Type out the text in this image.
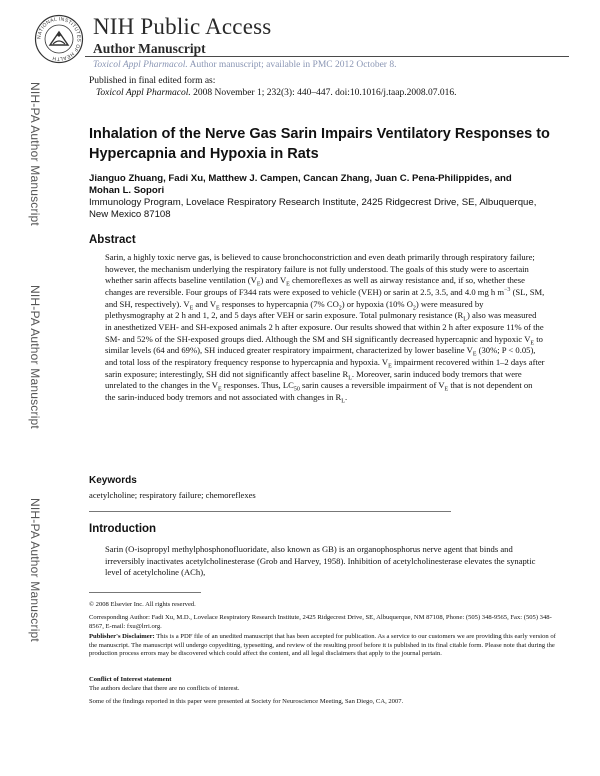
NATIONAL INSTITUTES OF HEALTH
NIH Public Access
Author Manuscript
Toxicol Appl Pharmacol. Author manuscript; available in PMC 2012 October 8.
Published in final edited form as:
Toxicol Appl Pharmacol. 2008 November 1; 232(3): 440–447. doi:10.1016/j.taap.2008.07.016.
NIH-PA Author Manuscript
NIH-PA Author Manuscript
NIH-PA Author Manuscript
Inhalation of the Nerve Gas Sarin Impairs Ventilatory Responses to Hypercapnia and Hypoxia in Rats
Jianguo Zhuang, Fadi Xu, Matthew J. Campen, Cancan Zhang, Juan C. Pena-Philippides, and Mohan L. Sopori
Immunology Program, Lovelace Respiratory Research Institute, 2425 Ridgecrest Drive, SE, Albuquerque, New Mexico 87108
Abstract
Sarin, a highly toxic nerve gas, is believed to cause bronchoconstriction and even death primarily through respiratory failure; however, the mechanism underlying the respiratory failure is not fully understood. The goals of this study were to ascertain whether sarin affects baseline ventilation $(V_E)$ and $V_E$ chemoreflexes as well as airway resistance and, if so, whether these changes are reversible. Four groups of F344 rats were exposed to vehicle (VEH) or sarin at 2.5, 3.5, and 4.0 mg h $m^{-3}$ (SL, SM, and SH, respectively). $V_E$ and $V_E$ responses to hypercapnia (7% $CO_2$) or hypoxia (10% $O_2$) were measured by plethysmography at 2 h and 1, 2, and 5 days after VEH or sarin exposure. Total pulmonary resistance $(R_L)$ also was measured in anesthetized VEH- and SH-exposed animals 2 h after exposure. Our results showed that within 2 h after exposure 11% of the SM- and 52% of the SH-exposed groups died. Although the SM and SH significantly decreased hypercapnic and hypoxic $V_E$ to similar levels (64 and 69%), SH induced greater respiratory impairment, characterized by lower baseline $V_E$ (30%; P < 0.05), and total loss of the respiratory frequency response to hypercapnia and hypoxia. $V_E$ impairment recovered within 1–2 days after sarin exposure; interestingly, SH did not significantly affect baseline $R_L$. Moreover, sarin induced body tremors that were unrelated to the changes in the $V_E$ responses. Thus, $LC_{50}$ sarin causes a reversible impairment of $V_E$ that is not dependent on the sarin-induced body tremors and not associated with changes in $R_L$.
Keywords
acetylcholine; respiratory failure; chemoreflexes
Introduction
Sarin (O-isopropyl methylphosphonofluoridate, also known as GB) is an organophosphorus nerve agent that binds and irreversibly inactivates acetylcholinesterase (Grob and Harvey, 1958). Inhibition of acetylcholinesterase elevates the synaptic level of acetylcholine (ACh),
© 2008 Elsevier Inc. All rights reserved.
Corresponding Author: Fadi Xu, M.D., Lovelace Respiratory Research Institute, 2425 Ridgecrest Drive, SE, Albuquerque, NM 87108, Phone: (505) 348-9565, Fax: (505) 348-8567, E-mail: fxu@lrri.org.
Publisher's Disclaimer: This is a PDF file of an unedited manuscript that has been accepted for publication. As a service to our customers we are providing this early version of the manuscript. The manuscript will undergo copyediting, typesetting, and review of the resulting proof before it is published in its final citable form. Please note that during the production process errors may be discovered which could affect the content, and all legal disclaimers that apply to the journal pertain.
Conflict of Interest statement
The authors declare that there are no conflicts of interest.
Some of the findings reported in this paper were presented at Society for Neuroscience Meeting, San Diego, CA, 2007.
